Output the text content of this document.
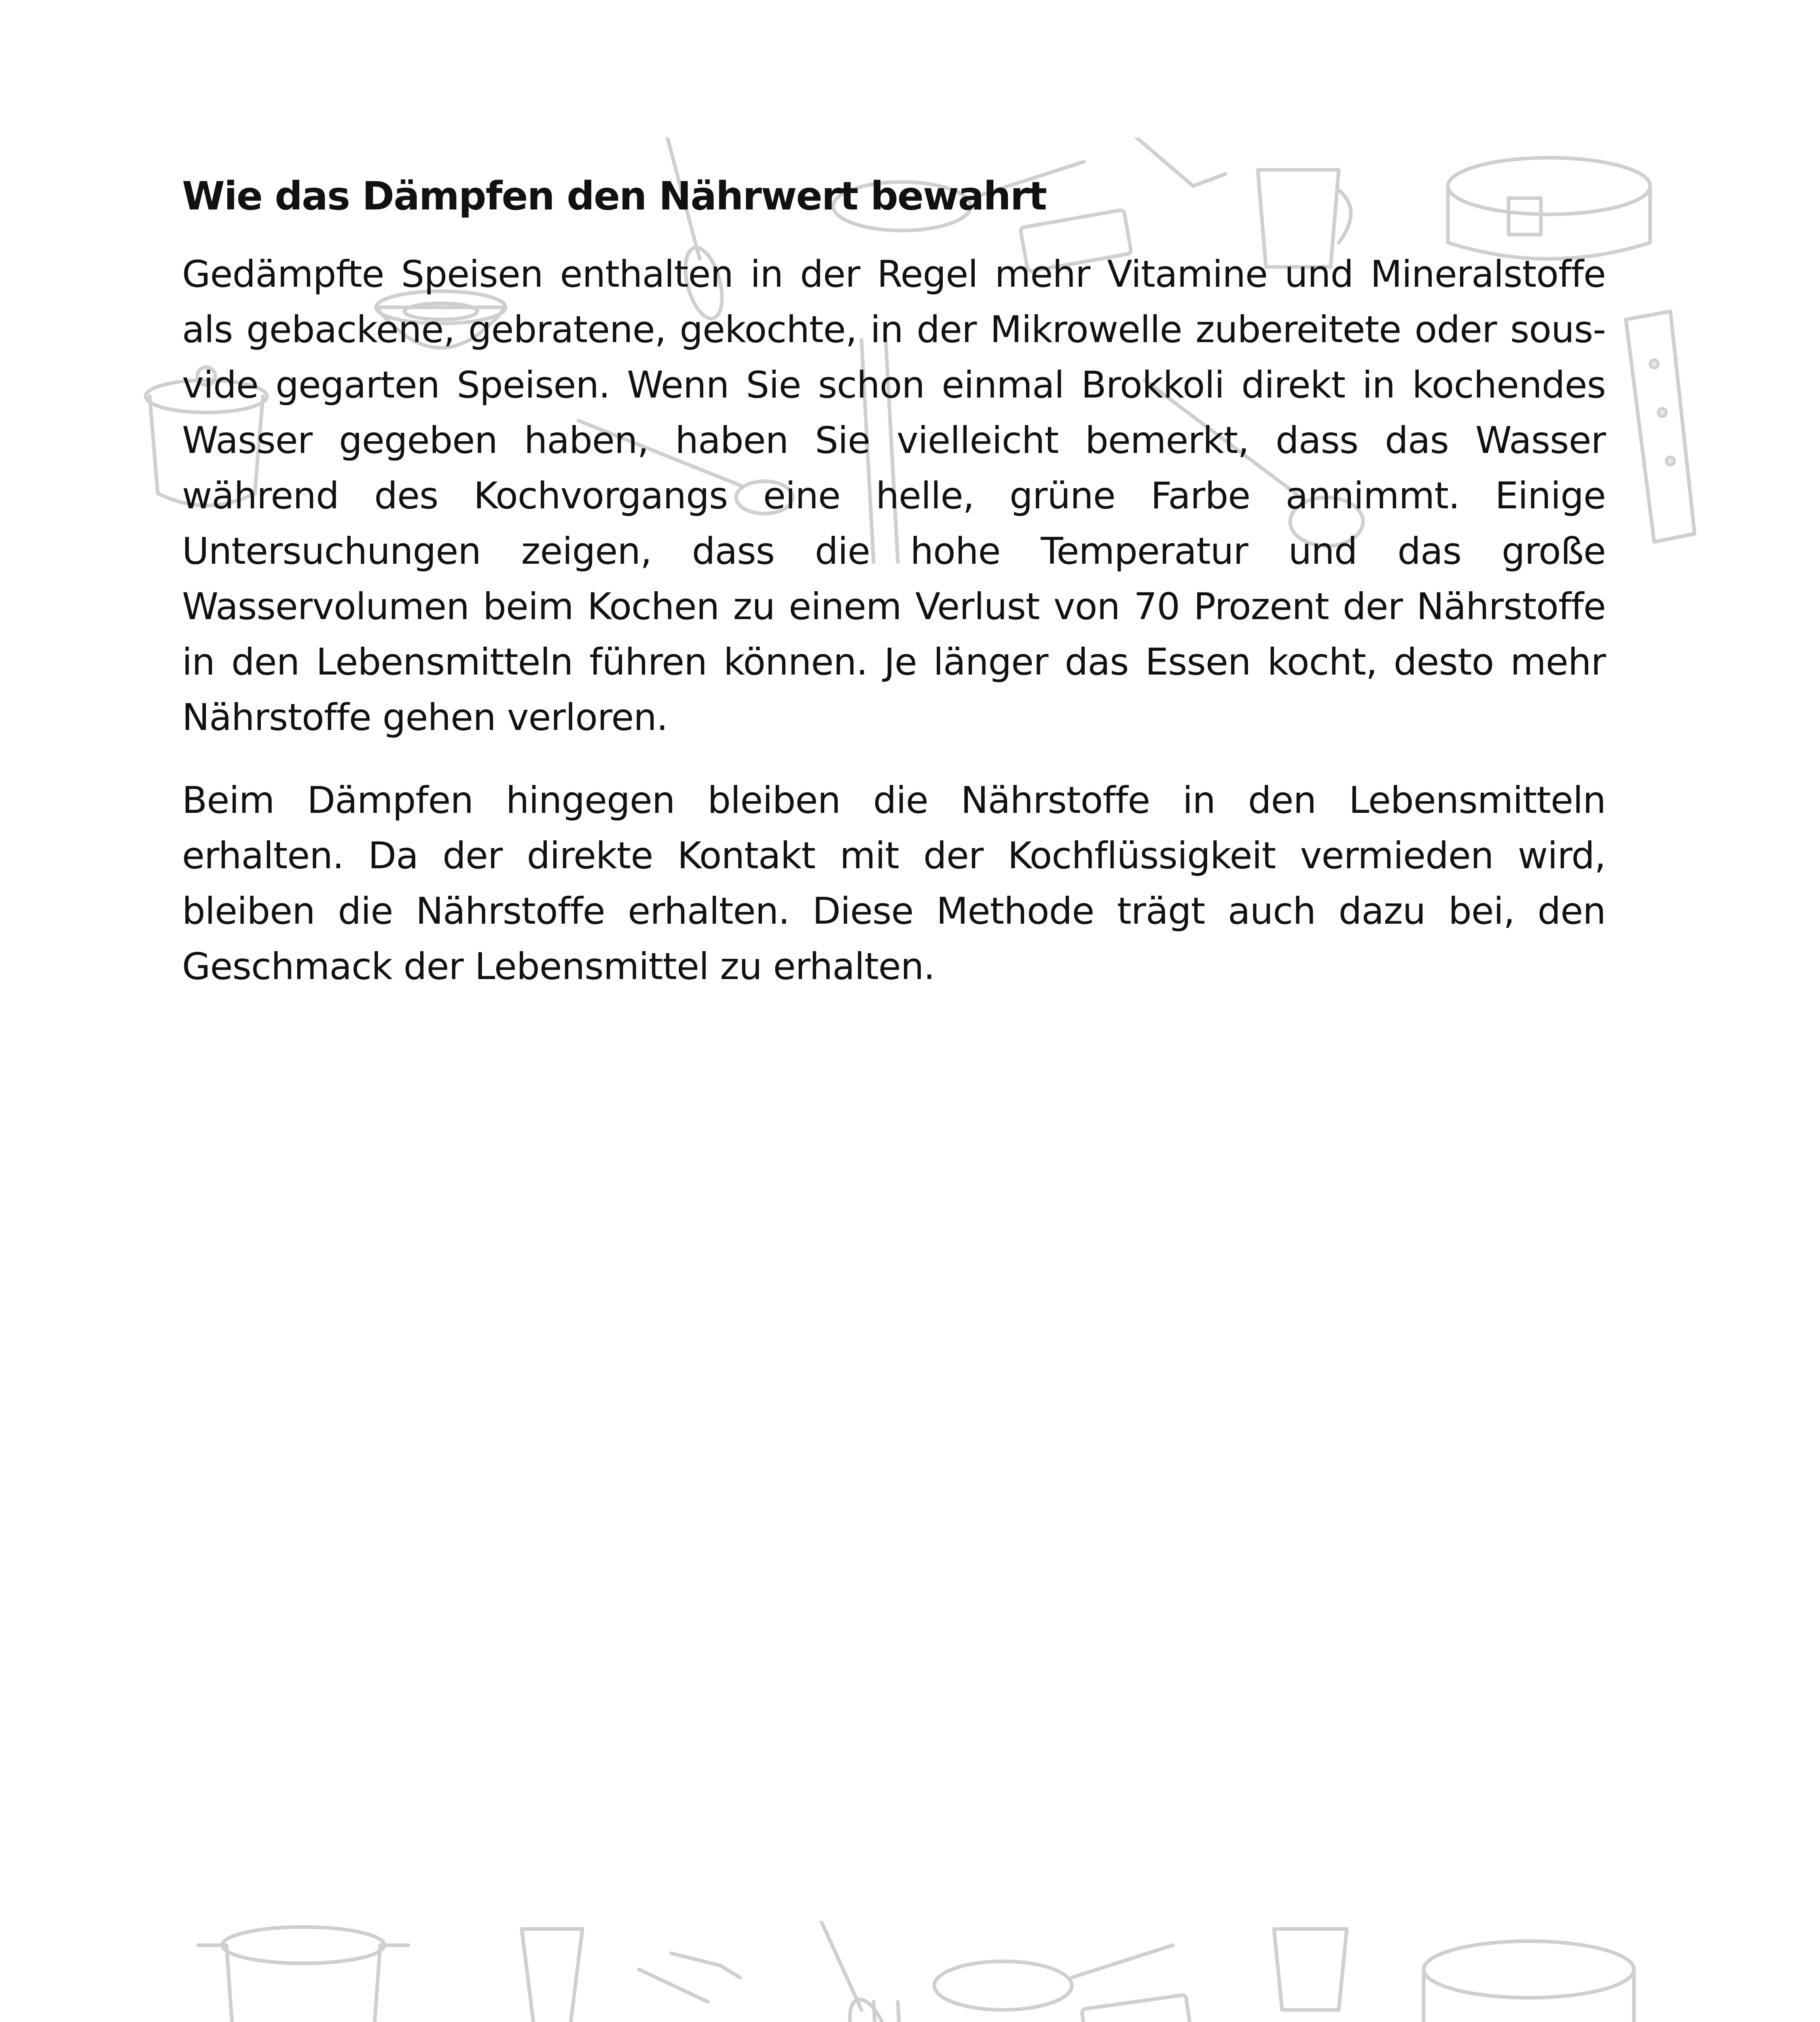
Wie das Dämpfen den Nährwert bewahrt

Gedämpfte Speisen enthalten in der Regel mehr Vitamine und Mineralstoffe als gebackene, gebratene, gekochte, in der Mikrowelle zubereitete oder sous-vide gegarten Speisen. Wenn Sie schon einmal Brokkoli direkt in kochendes Wasser gegeben haben, haben Sie vielleicht bemerkt, dass das Wasser während des Kochvorgangs eine helle, grüne Farbe annimmt. Einige Untersuchungen zeigen, dass die hohe Temperatur und das große Wasservolumen beim Kochen zu einem Verlust von 70 Prozent der Nährstoffe in den Lebensmitteln führen können. Je länger das Essen kocht, desto mehr Nährstoffe gehen verloren.

Beim Dämpfen hingegen bleiben die Nährstoffe in den Lebensmitteln erhalten. Da der direkte Kontakt mit der Kochflüssigkeit vermieden wird, bleiben die Nährstoffe erhalten. Diese Methode trägt auch dazu bei, den Geschmack der Lebensmittel zu erhalten.
